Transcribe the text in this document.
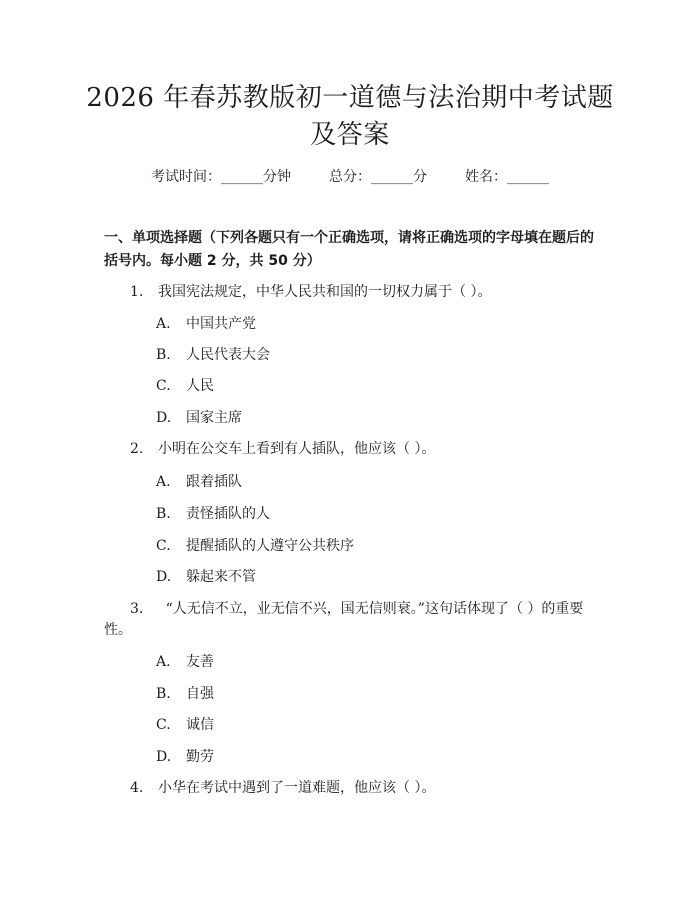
2026 年春苏教版初一道德与法治期中考试题
及答案
考试时间：______分钟	总分：______分	姓名：______
一、单项选择题（下列各题只有一个正确选项，请将正确选项的字母填在题后的括号内。每小题 2 分，共 50 分）
1. 我国宪法规定，中华人民共和国的一切权力属于（ ）。
A. 中国共产党
B. 人民代表大会
C. 人民
D. 国家主席
2. 小明在公交车上看到有人插队，他应该（ ）。
A. 跟着插队
B. 责怪插队的人
C. 提醒插队的人遵守公共秩序
D. 躲起来不管
3. “人无信不立，业无信不兴，国无信则衰。”这句话体现了（ ）的重要性。
A. 友善
B. 自强
C. 诚信
D. 勤劳
4. 小华在考试中遇到了一道难题，他应该（ ）。
